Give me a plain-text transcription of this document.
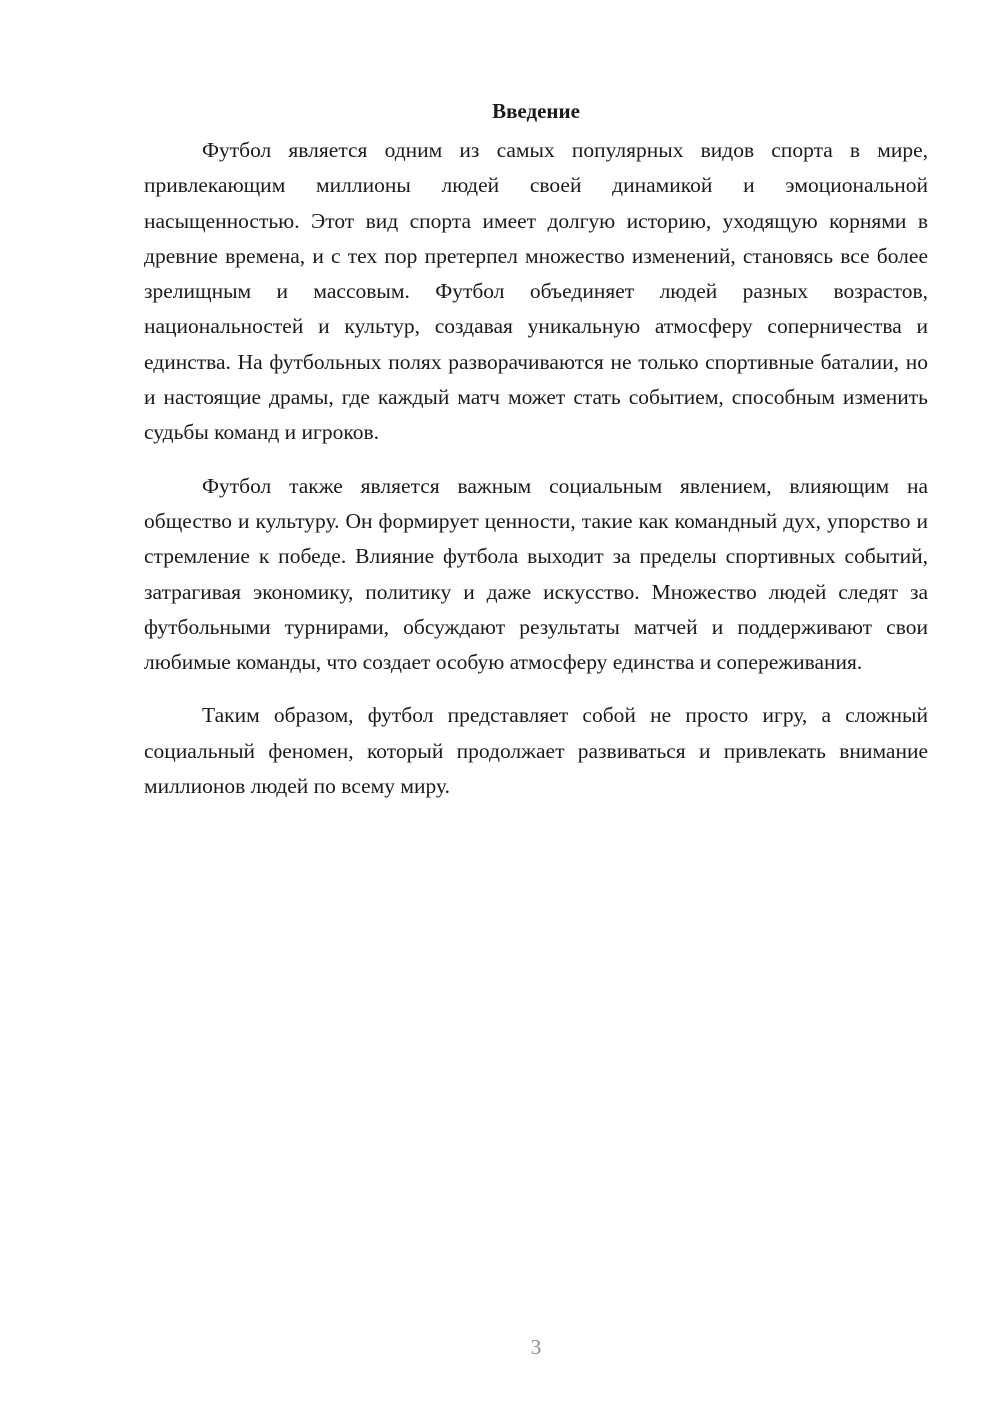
Введение

Футбол является одним из самых популярных видов спорта в мире, привлекающим миллионы людей своей динамикой и эмоциональной насыщенностью. Этот вид спорта имеет долгую историю, уходящую корнями в древние времена, и с тех пор претерпел множество изменений, становясь все более зрелищным и массовым. Футбол объединяет людей разных возрастов, национальностей и культур, создавая уникальную атмосферу соперничества и единства. На футбольных полях разворачиваются не только спортивные баталии, но и настоящие драмы, где каждый матч может стать событием, способным изменить судьбы команд и игроков.

Футбол также является важным социальным явлением, влияющим на общество и культуру. Он формирует ценности, такие как командный дух, упорство и стремление к победе. Влияние футбола выходит за пределы спортивных событий, затрагивая экономику, политику и даже искусство. Множество людей следят за футбольными турнирами, обсуждают результаты матчей и поддерживают свои любимые команды, что создает особую атмосферу единства и сопереживания.

Таким образом, футбол представляет собой не просто игру, а сложный социальный феномен, который продолжает развиваться и привлекать внимание миллионов людей по всему миру.

3
